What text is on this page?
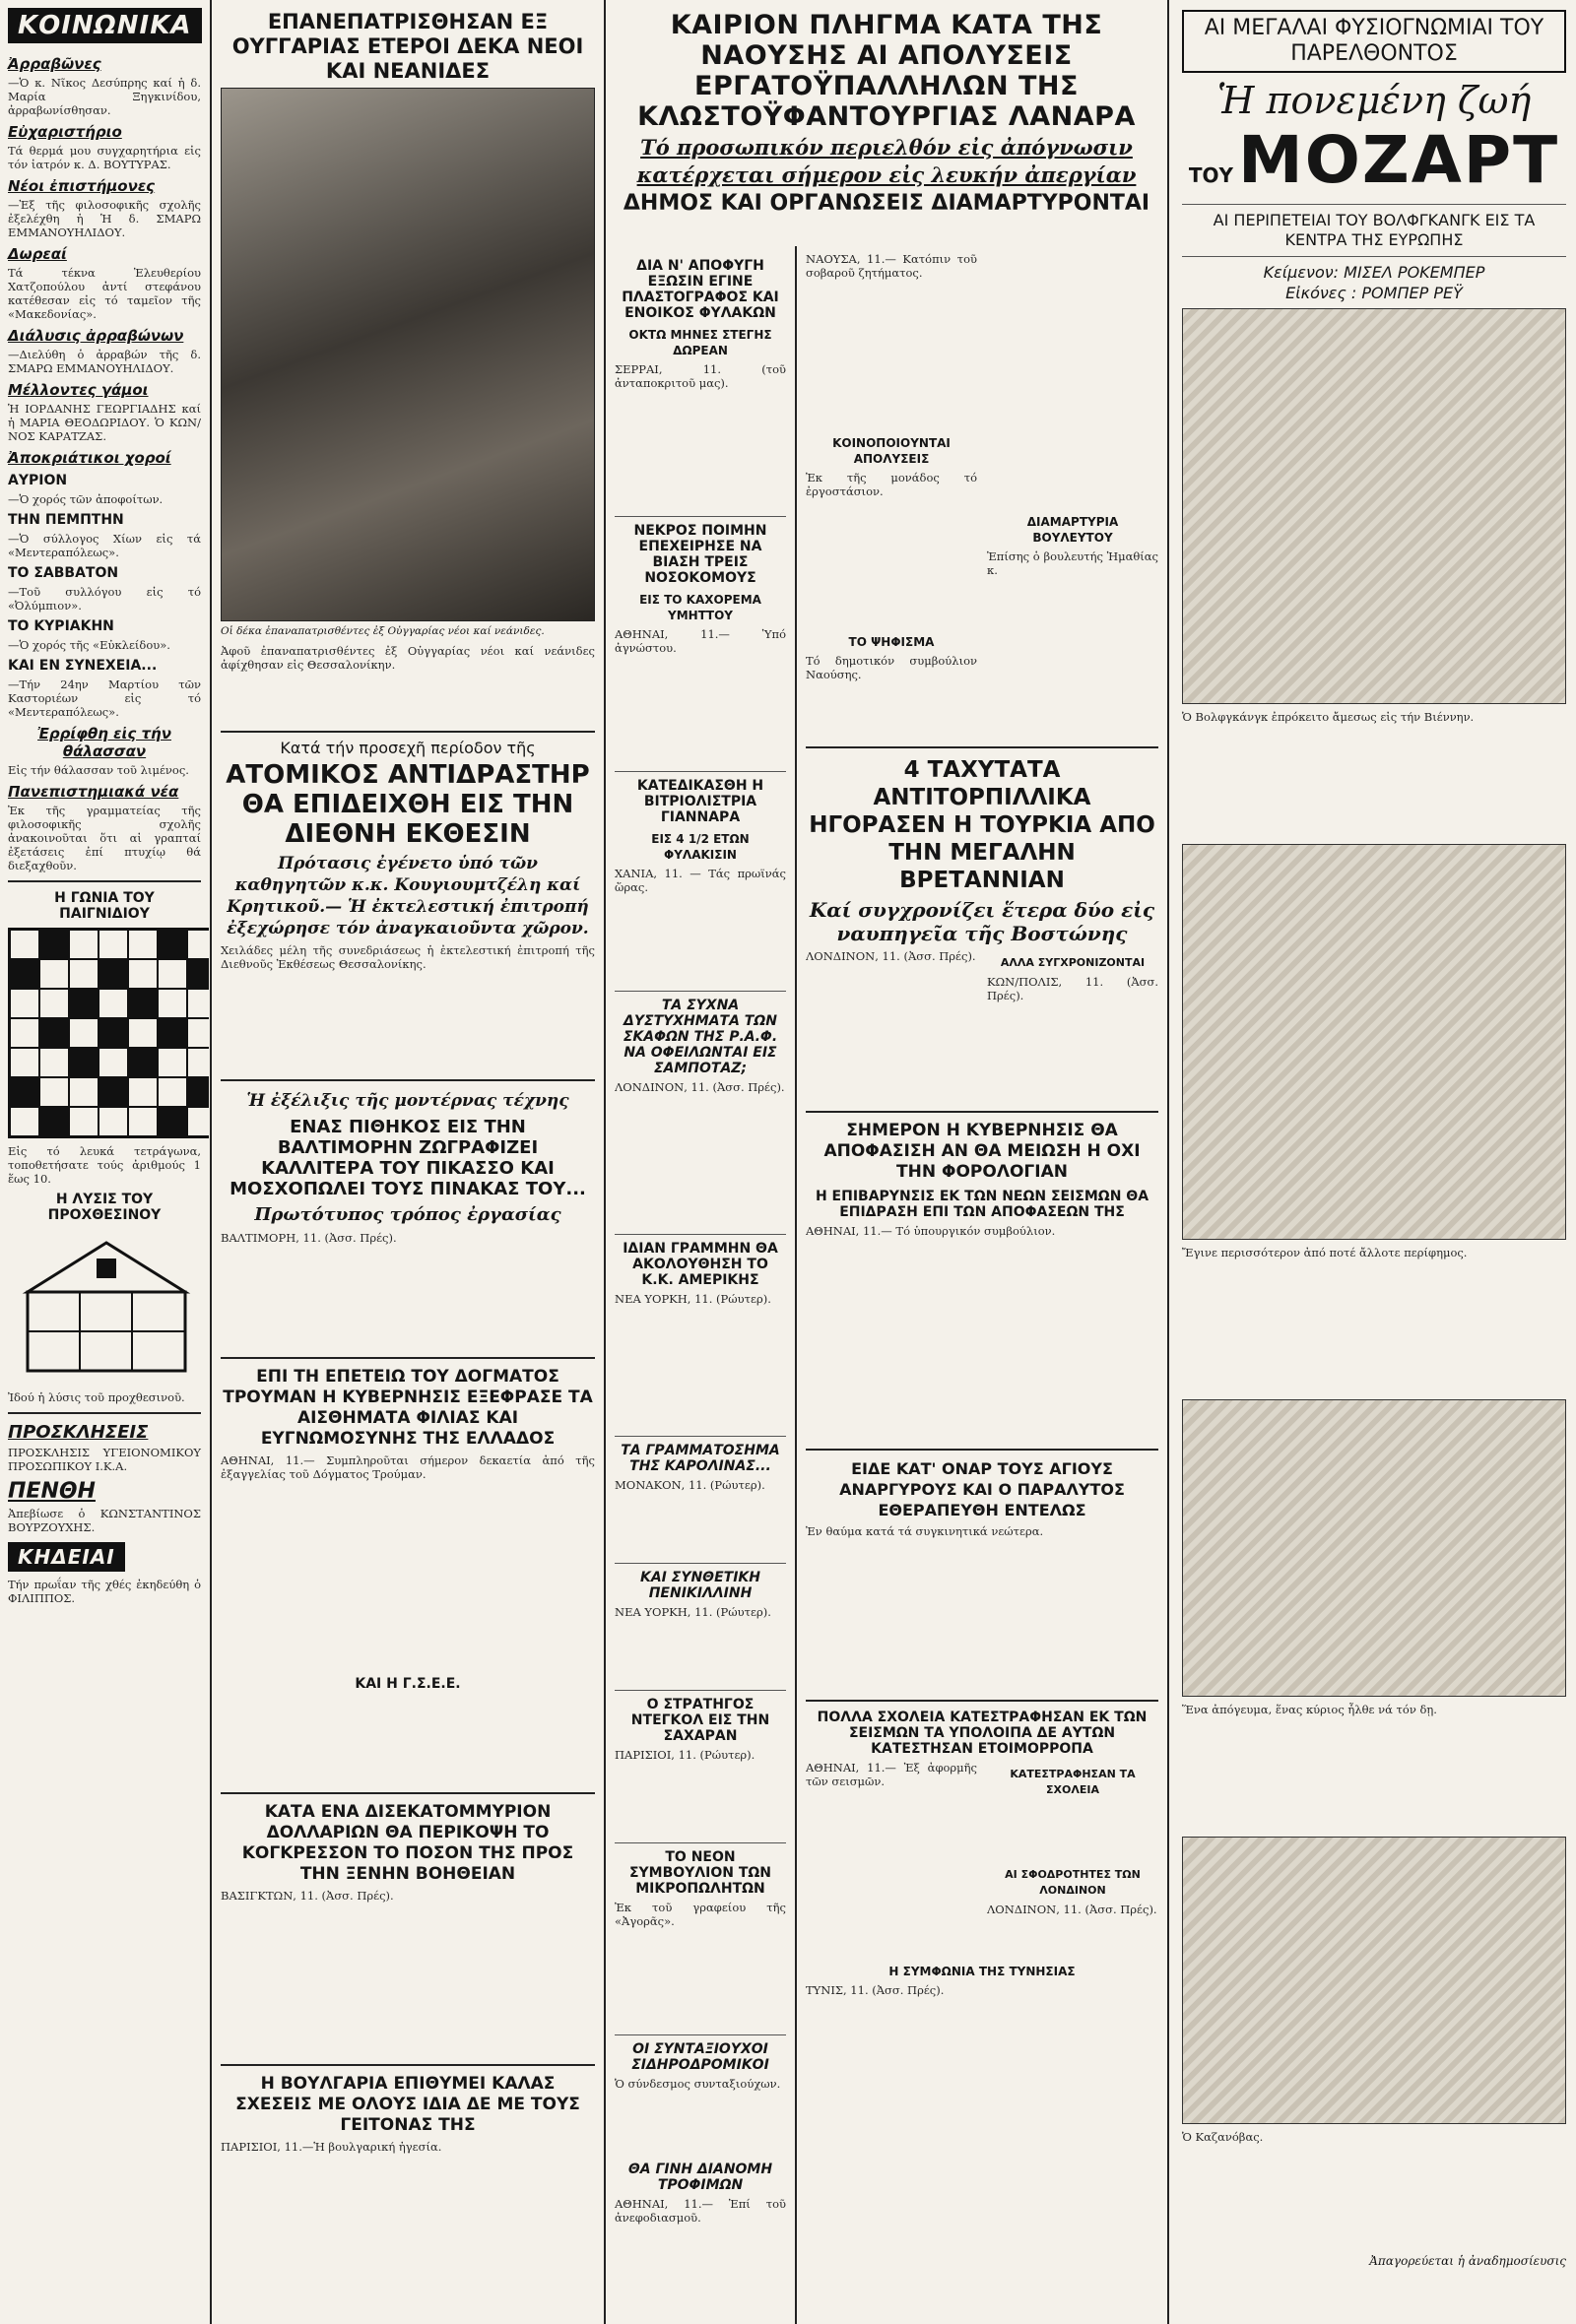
ΚΟΙΝΩΝΙΚΑ
Ἀρραβῶνες

—Ὁ κ. Νῖκος Δεσύπρης καί ἡ δ. Μαρία Ξηγκινίδου, ἀρραβωνίσθησαν.

Εὐχαριστήριο

Τά θερμά μου συγχαρητήρια εἰς τόν ἰατρόν κ. Δ. ΒΟΥΤΥΡΑΣ.

Νέοι ἐπιστήμονες

—Ἐξ τῆς φιλοσοφικῆς σχολῆς ἐξελέχθη ἡ Ἡ δ. ΣΜΑΡΩ ΕΜΜΑΝΟΥΗΛΙΔΟΥ.

Δωρεαί

Τά τέκνα Ἐλευθερίου Χατζοπούλου ἀντί στεφάνου κατέθεσαν εἰς τό ταμεῖον τῆς «Μακεδονίας».

Διάλυσις ἀρραβώνων

—Διελύθη ὁ ἀρραβών τῆς δ. ΣΜΑΡΩ ΕΜΜΑΝΟΥΗΛΙΔΟΥ.

Μέλλοντες γάμοι

Ἡ ΙΟΡΔΑΝΗΣ ΓΕΩΡΓΙΑΔΗΣ καί ἡ ΜΑΡΙΑ ΘΕΟΔΩΡΙΔΟΥ. Ὁ ΚΩΝ/ΝΟΣ ΚΑΡΑΤΖΑΣ.

Ἀποκριάτικοι χοροί
ΑΥΡΙΟΝ

—Ὁ χορός τῶν ἀποφοίτων.

ΤΗΝ ΠΕΜΠΤΗΝ

—Ὁ σύλλογος Χίων εἰς τά «Μεντεραπόλεως».

ΤΟ ΣΑΒΒΑΤΟΝ

—Τοῦ συλλόγου εἰς τό «Ὀλύμπιον».

ΤΟ ΚΥΡΙΑΚΗΝ

—Ὁ χορός τῆς «Εὐκλείδου».

ΚΑΙ ΕΝ ΣΥΝΕΧΕΙΑ...

—Τήν 24ην Μαρτίου τῶν Καστοριέων εἰς τό «Μεντεραπόλεως».

Ἐρρίφθη εἰς τήν θάλασσαν

Εἰς τήν θάλασσαν τοῦ λιμένος.

Πανεπιστημιακά νέα

Ἐκ τῆς γραμματείας τῆς φιλοσοφικῆς σχολῆς ἀνακοινοῦται ὅτι αἱ γραπταί ἐξετάσεις ἐπί πτυχίῳ θά διεξαχθοῦν.

Η ΓΩΝΙΑ ΤΟΥ ΠΑΙΓΝΙΔΙΟΥ

Εἰς τό λευκά τετράγωνα, τοποθετήσατε τούς ἀριθμούς 1 ἕως 10.

Η ΛΥΣΙΣ ΤΟΥ ΠΡΟΧΘΕΣΙΝΟΥ

Ἰδού ἡ λύσις τοῦ προχθεσινοῦ.

ΠΡΟΣΚΛΗΣΕΙΣ

ΠΡΟΣΚΛΗΣΙΣ ΥΓΕΙΟΝΟΜΙΚΟΥ ΠΡΟΣΩΠΙΚΟΥ Ι.Κ.Α.

ΠΕΝΘΗ

Ἀπεβίωσε ὁ ΚΩΝΣΤΑΝΤΙΝΟΣ ΒΟΥΡΖΟΥΧΗΣ.

ΚΗΔΕΙΑΙ

Τήν πρωΐαν τῆς χθές ἐκηδεύθη ὁ ΦΙΛΙΠΠΟΣ.

ΕΠΑΝΕΠΑΤΡΙΣΘΗΣΑΝ ΕΞ ΟΥΓΓΑΡΙΑΣ ΕΤΕΡΟΙ ΔΕΚΑ ΝΕΟΙ ΚΑΙ ΝΕΑΝΙΔΕΣ

Οἱ δέκα ἐπαναπατρισθέντες ἐξ Οὐγγαρίας νέοι καί νεάνιδες.

Ἀφοῦ ἐπαναπατρισθέντες ἐξ Οὐγγαρίας νέοι καί νεάνιδες ἀφίχθησαν εἰς Θεσσαλονίκην.

Κατά τήν προσεχῆ περίοδον τῆς
ΑΤΟΜΙΚΟΣ ΑΝΤΙΔΡΑΣΤΗΡ ΘΑ ΕΠΙΔΕΙΧΘΗ ΕΙΣ ΤΗΝ ΔΙΕΘΝΗ ΕΚΘΕΣΙΝ
Πρότασις ἐγένετο ὑπό τῶν καθηγητῶν κ.κ. Κουγιουμτζέλη καί Κρητικοῦ.— Ἡ ἐκτελεστική ἐπιτροπή ἐξεχώρησε τόν ἀναγκαιοῦντα χῶρον.

Χειλάδες μέλη τῆς συνεδριάσεως ἡ ἐκτελεστική ἐπιτροπή τῆς Διεθνοῦς Ἐκθέσεως Θεσσαλονίκης.

Ἡ ἐξέλιξις τῆς μοντέρνας τέχνης
ΕΝΑΣ ΠΙΘΗΚΟΣ ΕΙΣ ΤΗΝ ΒΑΛΤΙΜΟΡΗΝ ΖΩΓΡΑΦΙΖΕΙ ΚΑΛΛΙΤΕΡΑ ΤΟΥ ΠΙΚΑΣΣΟ ΚΑΙ ΜΟΣΧΟΠΩΛΕΙ ΤΟΥΣ ΠΙΝΑΚΑΣ ΤΟΥ...
Πρωτότυπος τρόπος ἐργασίας

ΒΑΛΤΙΜΟΡΗ, 11. (Ἀσσ. Πρές).

ΕΠΙ ΤΗ ΕΠΕΤΕΙΩ ΤΟΥ ΔΟΓΜΑΤΟΣ ΤΡΟΥΜΑΝ Η ΚΥΒΕΡΝΗΣΙΣ ΕΞΕΦΡΑΣΕ ΤΑ ΑΙΣΘΗΜΑΤΑ ΦΙΛΙΑΣ ΚΑΙ ΕΥΓΝΩΜΟΣΥΝΗΣ ΤΗΣ ΕΛΛΑΔΟΣ

ΑΘΗΝΑΙ, 11.— Συμπληροῦται σήμερον δεκαετία ἀπό τῆς ἐξαγγελίας τοῦ Δόγματος Τρούμαν.

ΚΑΙ Η Γ.Σ.Ε.Ε.

ΚΑΤΑ ΕΝΑ ΔΙΣΕΚΑΤΟΜΜΥΡΙΟΝ ΔΟΛΛΑΡΙΩΝ ΘΑ ΠΕΡΙΚΟΨΗ ΤΟ ΚΟΓΚΡΕΣΣΟΝ ΤΟ ΠΟΣΟΝ ΤΗΣ ΠΡΟΣ ΤΗΝ ΞΕΝΗΝ ΒΟΗΘΕΙΑΝ

ΒΑΣΙΓΚΤΩΝ, 11. (Ἀσσ. Πρές).

Η ΒΟΥΛΓΑΡΙΑ ΕΠΙΘΥΜΕΙ ΚΑΛΑΣ ΣΧΕΣΕΙΣ ΜΕ ΟΛΟΥΣ ΙΔΙΑ ΔΕ ΜΕ ΤΟΥΣ ΓΕΙΤΟΝΑΣ ΤΗΣ

ΠΑΡΙΣΙΟΙ, 11.—Ἡ βουλγαρική ἡγεσία.

ΚΑΙΡΙΟΝ ΠΛΗΓΜΑ ΚΑΤΑ ΤΗΣ ΝΑΟΥΣΗΣ ΑΙ ΑΠΟΛΥΣΕΙΣ ΕΡΓΑΤΟΫΠΑΛΛΗΛΩΝ ΤΗΣ ΚΛΩΣΤΟΫΦΑΝΤΟΥΡΓΙΑΣ ΛΑΝΑΡΑ
Τό προσωπικόν περιελθόν εἰς ἀπόγνωσιν
κατέρχεται σήμερον εἰς λευκήν ἀπεργίαν
ΔΗΜΟΣ ΚΑΙ ΟΡΓΑΝΩΣΕΙΣ ΔΙΑΜΑΡΤΥΡΟΝΤΑΙ
ΔΙΑ Ν' ΑΠΟΦΥΓΗ ΕΞΩΣΙΝ ΕΓΙΝΕ ΠΛΑΣΤΟΓΡΑΦΟΣ ΚΑΙ ΕΝΟΙΚΟΣ ΦΥΛΑΚΩΝ
ΟΚΤΩ ΜΗΝΕΣ ΣΤΕΓΗΣ ΔΩΡΕΑΝ

ΣΕΡΡΑΙ, 11. (τοῦ ἀνταποκριτοῦ μας).

ΝΕΚΡΟΣ ΠΟΙΜΗΝ ΕΠΕΧΕΙΡΗΣΕ ΝΑ ΒΙΑΣΗ ΤΡΕΙΣ ΝΟΣΟΚΟΜΟΥΣ
ΕΙΣ ΤΟ ΚΑΧΟΡΕΜΑ ΥΜΗΤΤΟΥ

ΑΘΗΝΑΙ, 11.— Ὑπό ἀγνώστου.

ΚΑΤΕΔΙΚΑΣΘΗ Η ΒΙΤΡΙΟΛΙΣΤΡΙΑ ΓΙΑΝΝΑΡΑ
ΕΙΣ 4 1/2 ΕΤΩΝ ΦΥΛΑΚΙΣΙΝ

ΧΑΝΙΑ, 11. — Τάς πρωϊνάς ὥρας.

ΤΑ ΣΥΧΝΑ ΔΥΣΤΥΧΗΜΑΤΑ ΤΩΝ ΣΚΑΦΩΝ ΤΗΣ Ρ.Α.Φ. ΝΑ ΟΦΕΙΛΩΝΤΑΙ ΕΙΣ ΣΑΜΠΟΤΑΖ;

ΛΟΝΔΙΝΟΝ, 11. (Ἀσσ. Πρές).

ΙΔΙΑΝ ΓΡΑΜΜΗΝ ΘΑ ΑΚΟΛΟΥΘΗΣΗ ΤΟ Κ.Κ. ΑΜΕΡΙΚΗΣ

ΝΕΑ ΥΟΡΚΗ, 11. (Ρώυτερ).

ΤΑ ΓΡΑΜΜΑΤΟΣΗΜΑ ΤΗΣ ΚΑΡΟΛΙΝΑΣ...

ΜΟΝΑΚΟΝ, 11. (Ρώυτερ).

ΚΑΙ ΣΥΝΘΕΤΙΚΗ ΠΕΝΙΚΙΛΛΙΝΗ

ΝΕΑ ΥΟΡΚΗ, 11. (Ρώυτερ).

Ο ΣΤΡΑΤΗΓΟΣ ΝΤΕΓΚΟΛ ΕΙΣ ΤΗΝ ΣΑΧΑΡΑΝ

ΠΑΡΙΣΙΟΙ, 11. (Ρώυτερ).

ΤΟ ΝΕΟΝ ΣΥΜΒΟΥΛΙΟΝ ΤΩΝ ΜΙΚΡΟΠΩΛΗΤΩΝ

Ἐκ τοῦ γραφείου τῆς «Ἀγορᾶς».

ΟΙ ΣΥΝΤΑΞΙΟΥΧΟΙ ΣΙΔΗΡΟΔΡΟΜΙΚΟΙ

Ὁ σύνδεσμος συνταξιούχων.

ΘΑ ΓΙΝΗ ΔΙΑΝΟΜΗ ΤΡΟΦΙΜΩΝ

ΑΘΗΝΑΙ, 11.— Ἐπί τοῦ ἀνεφοδιασμοῦ.

ΝΑΟΥΣΑ, 11.— Κατόπιν τοῦ σοβαροῦ ζητήματος.

ΚΟΙΝΟΠΟΙΟΥΝΤΑΙ ΑΠΟΛΥΣΕΙΣ

Ἐκ τῆς μονάδος τό ἐργοστάσιον.

ΤΟ ΨΗΦΙΣΜΑ

Τό δημοτικόν συμβούλιον Ναούσης.

ΔΙΑΜΑΡΤΥΡΙΑ ΒΟΥΛΕΥΤΟΥ

Ἐπίσης ὁ βουλευτής Ἡμαθίας κ.

4 ΤΑΧΥΤΑΤΑ ΑΝΤΙΤΟΡΠΙΛΛΙΚΑ ΗΓΟΡΑΣΕΝ Η ΤΟΥΡΚΙΑ ΑΠΟ ΤΗΝ ΜΕΓΑΛΗΝ ΒΡΕΤΑΝΝΙΑΝ
Καί συγχρονίζει ἕτερα δύο εἰς ναυπηγεῖα τῆς Βοστώνης

ΛΟΝΔΙΝΟΝ, 11. (Ἀσσ. Πρές).	ΑΛΛΑ ΣΥΓΧΡΟΝΙΖΟΝΤΑΙ

ΚΩΝ/ΠΟΛΙΣ, 11. (Ἀσσ. Πρές).

ΣΗΜΕΡΟΝ Η ΚΥΒΕΡΝΗΣΙΣ ΘΑ ΑΠΟΦΑΣΙΣΗ ΑΝ ΘΑ ΜΕΙΩΣΗ Η ΟΧΙ ΤΗΝ ΦΟΡΟΛΟΓΙΑΝ
Η ΕΠΙΒΑΡΥΝΣΙΣ ΕΚ ΤΩΝ ΝΕΩΝ ΣΕΙΣΜΩΝ ΘΑ ΕΠΙΔΡΑΣΗ ΕΠΙ ΤΩΝ ΑΠΟΦΑΣΕΩΝ ΤΗΣ

ΑΘΗΝΑΙ, 11.— Τό ὑπουργικόν συμβούλιον.

ΕΙΔΕ ΚΑΤ' ΟΝΑΡ ΤΟΥΣ ΑΓΙΟΥΣ ΑΝΑΡΓΥΡΟΥΣ ΚΑΙ Ο ΠΑΡΑΛΥΤΟΣ ΕΘΕΡΑΠΕΥΘΗ ΕΝΤΕΛΩΣ

Ἐν θαύμα κατά τά συγκινητικά νεώτερα.

ΠΟΛΛΑ ΣΧΟΛΕΙΑ ΚΑΤΕΣΤΡΑΦΗΣΑΝ ΕΚ ΤΩΝ ΣΕΙΣΜΩΝ ΤΑ ΥΠΟΛΟΙΠΑ ΔΕ ΑΥΤΩΝ ΚΑΤΕΣΤΗΣΑΝ ΕΤΟΙΜΟΡΡΟΠΑ

ΑΘΗΝΑΙ, 11.— Ἐξ ἀφορμῆς τῶν σεισμῶν.

ΚΑΤΕΣΤΡΑΦΗΣΑΝ ΤΑ ΣΧΟΛΕΙΑ

ΑΙ ΣΦΟΔΡΟΤΗΤΕΣ ΤΩΝ ΛΟΝΔΙΝΟΝ

ΛΟΝΔΙΝΟΝ, 11. (Ἀσσ. Πρές).

Η ΣΥΜΦΩΝΙΑ ΤΗΣ ΤΥΝΗΣΙΑΣ

ΤΥΝΙΣ, 11. (Ἀσσ. Πρές).

ΑΙ ΜΕΓΑΛΑΙ ΦΥΣΙΟΓΝΩΜΙΑΙ ΤΟΥ ΠΑΡΕΛΘΟΝΤΟΣ
Ἡ πονεμένη ζωή
ΤΟΥ ΜΟΖΑΡΤ
ΑΙ ΠΕΡΙΠΕΤΕΙΑΙ ΤΟΥ ΒΟΛΦΓΚΑΝΓΚ ΕΙΣ ΤΑ ΚΕΝΤΡΑ ΤΗΣ ΕΥΡΩΠΗΣ
Κείμενον: ΜΙΣΕΛ ΡΟΚΕΜΠΕΡ
Εἰκόνες : ΡΟΜΠΕΡ ΡΕΫ

Ὁ Βολφγκάνγκ ἐπρόκειτο ἄμεσως εἰς τήν Βιέννην.

Ἔγινε περισσότερον ἀπό ποτέ ἄλλοτε περίφημος.

Ἕνα ἀπόγευμα, ἕνας κύριος ἦλθε νά τόν δῃ.

Ὁ Καζανόβας.

Ἀπαγορεύεται ἡ ἀναδημοσίευσις
